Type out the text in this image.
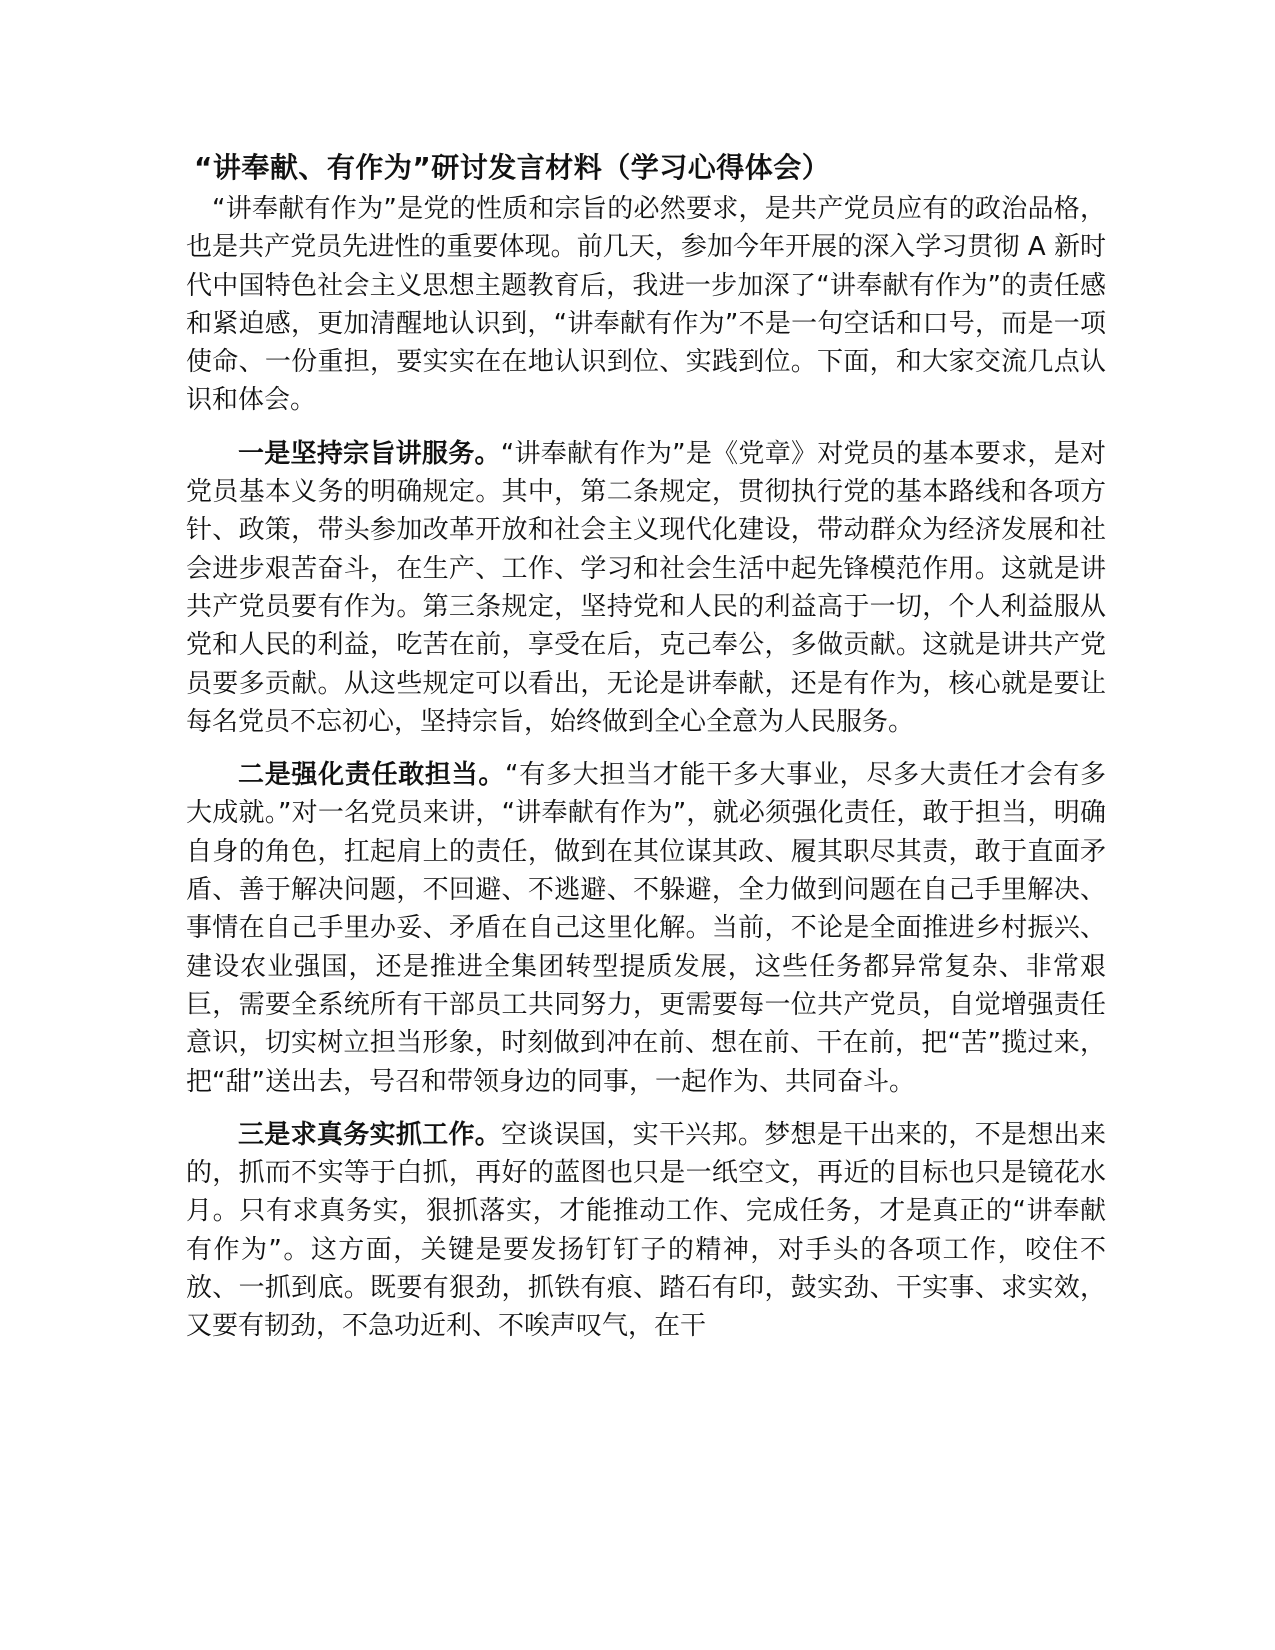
“讲奉献、有作为”研讨发言材料（学习心得体会）

“讲奉献有作为”是党的性质和宗旨的必然要求，是共产党员应有的政治品格，也是共产党员先进性的重要体现。前几天，参加今年开展的深入学习贯彻 A 新时代中国特色社会主义思想主题教育后，我进一步加深了“讲奉献有作为”的责任感和紧迫感，更加清醒地认识到，“讲奉献有作为”不是一句空话和口号，而是一项使命、一份重担，要实实在在地认识到位、实践到位。下面，和大家交流几点认识和体会。

一是坚持宗旨讲服务。“讲奉献有作为”是《党章》对党员的基本要求，是对党员基本义务的明确规定。其中，第二条规定，贯彻执行党的基本路线和各项方针、政策，带头参加改革开放和社会主义现代化建设，带动群众为经济发展和社会进步艰苦奋斗，在生产、工作、学习和社会生活中起先锋模范作用。这就是讲共产党员要有作为。第三条规定，坚持党和人民的利益高于一切，个人利益服从党和人民的利益，吃苦在前，享受在后，克己奉公，多做贡献。这就是讲共产党员要多贡献。从这些规定可以看出，无论是讲奉献，还是有作为，核心就是要让每名党员不忘初心，坚持宗旨，始终做到全心全意为人民服务。

二是强化责任敢担当。“有多大担当才能干多大事业，尽多大责任才会有多大成就。”对一名党员来讲，“讲奉献有作为”，就必须强化责任，敢于担当，明确自身的角色，扛起肩上的责任，做到在其位谋其政、履其职尽其责，敢于直面矛盾、善于解决问题，不回避、不逃避、不躲避，全力做到问题在自己手里解决、事情在自己手里办妥、矛盾在自己这里化解。当前，不论是全面推进乡村振兴、建设农业强国，还是推进全集团转型提质发展，这些任务都异常复杂、非常艰巨，需要全系统所有干部员工共同努力，更需要每一位共产党员，自觉增强责任意识，切实树立担当形象，时刻做到冲在前、想在前、干在前，把“苦”揽过来，把“甜”送出去，号召和带领身边的同事，一起作为、共同奋斗。

三是求真务实抓工作。空谈误国，实干兴邦。梦想是干出来的，不是想出来的，抓而不实等于白抓，再好的蓝图也只是一纸空文，再近的目标也只是镜花水月。只有求真务实，狠抓落实，才能推动工作、完成任务，才是真正的“讲奉献有作为”。这方面，关键是要发扬钉钉子的精神，对手头的各项工作，咬住不放、一抓到底。既要有狠劲，抓铁有痕、踏石有印，鼓实劲、干实事、求实效，又要有韧劲，不急功近利、不唉声叹气，在干
